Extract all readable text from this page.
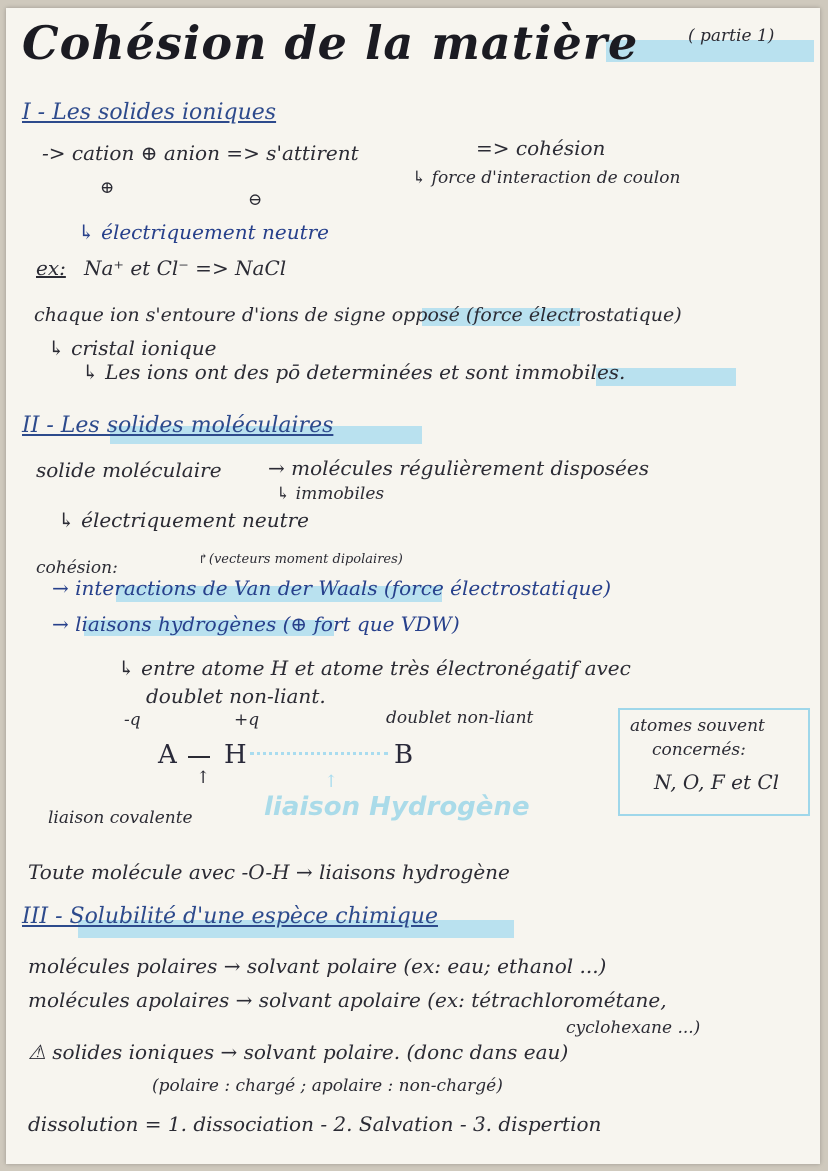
Cohésion de la matière	( partie 1)
I - Les solides ioniques
-> cation ⊕ anion => s'attirent	=> cohésion
⊕
⊖
↳ force d'interaction de coulon
↳ électriquement neutre
ex: Na⁺ et Cl⁻ => NaCl
chaque ion s'entoure d'ions de signe opposé (force électrostatique)
↳ cristal ionique
↳ Les ions ont des pō determinées et sont immobiles.
II - Les solides moléculaires
solide moléculaire → molécules régulièrement disposées
↳ immobiles
↳ électriquement neutre
cohésion:	↱(vecteurs moment dipolaires)
→ interactions de Van der Waals (force électrostatique)
→ liaisons hydrogènes (⊕ fort que VDW)
↳ entre atome H et atome très électronégatif avec
doublet non-liant.
-q	+q	doublet non-liant
A H	B
↑	↑
liaison covalente	liaison Hydrogène
atomes souvent
concernés:
N, O, F et Cl
Toute molécule avec -O-H → liaisons hydrogène
III - Solubilité d'une espèce chimique
molécules polaires → solvant polaire (ex: eau; ethanol ...)
molécules apolaires → solvant apolaire (ex: tétrachlorométane,
cyclohexane ...)
⚠ solides ioniques → solvant polaire. (donc dans eau)
(polaire : chargé ; apolaire : non-chargé)
dissolution = 1. dissociation - 2. Salvation - 3. dispertion
